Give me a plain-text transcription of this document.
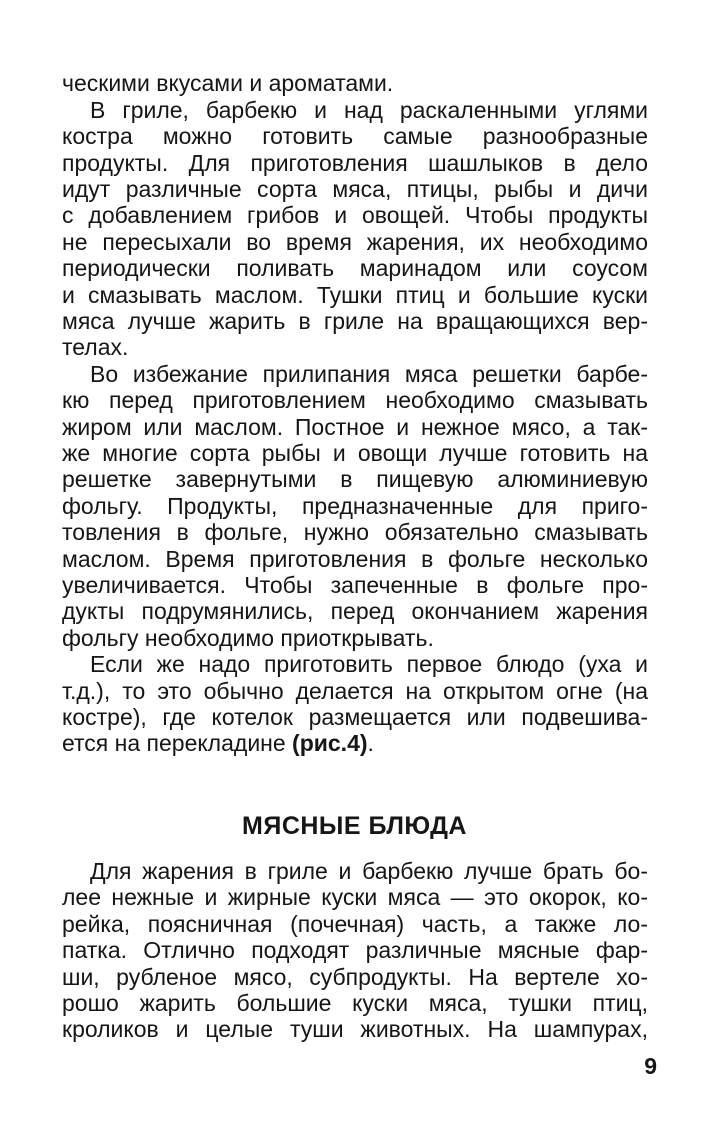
ческими вкусами и ароматами.
В гриле, барбекю и над раскаленными углями
костра можно готовить самые разнообразные
продукты. Для приготовления шашлыков в дело
идут различные сорта мяса, птицы, рыбы и дичи
с добавлением грибов и овощей. Чтобы продукты
не пересыхали во время жарения, их необходимо
периодически поливать маринадом или соусом
и смазывать маслом. Тушки птиц и большие куски
мяса лучше жарить в гриле на вращающихся вер-
телах.
Во избежание прилипания мяса решетки барбе-
кю перед приготовлением необходимо смазывать
жиром или маслом. Постное и нежное мясо, а так-
же многие сорта рыбы и овощи лучше готовить на
решетке завернутыми в пищевую алюминиевую
фольгу. Продукты, предназначенные для приго-
товления в фольге, нужно обязательно смазывать
маслом. Время приготовления в фольге несколько
увеличивается. Чтобы запеченные в фольге про-
дукты подрумянились, перед окончанием жарения
фольгу необходимо приоткрывать.
Если же надо приготовить первое блюдо (уха и
т.д.), то это обычно делается на открытом огне (на
костре), где котелок размещается или подвешива-
ется на перекладине (рис.4).
МЯСНЫЕ БЛЮДА
Для жарения в гриле и барбекю лучше брать бо-
лее нежные и жирные куски мяса — это окорок, ко-
рейка, поясничная (почечная) часть, а также ло-
патка. Отлично подходят различные мясные фар-
ши, рубленое мясо, субпродукты. На вертеле хо-
рошо жарить большие куски мяса, тушки птиц,
кроликов и целые туши животных. На шампурах,
9
